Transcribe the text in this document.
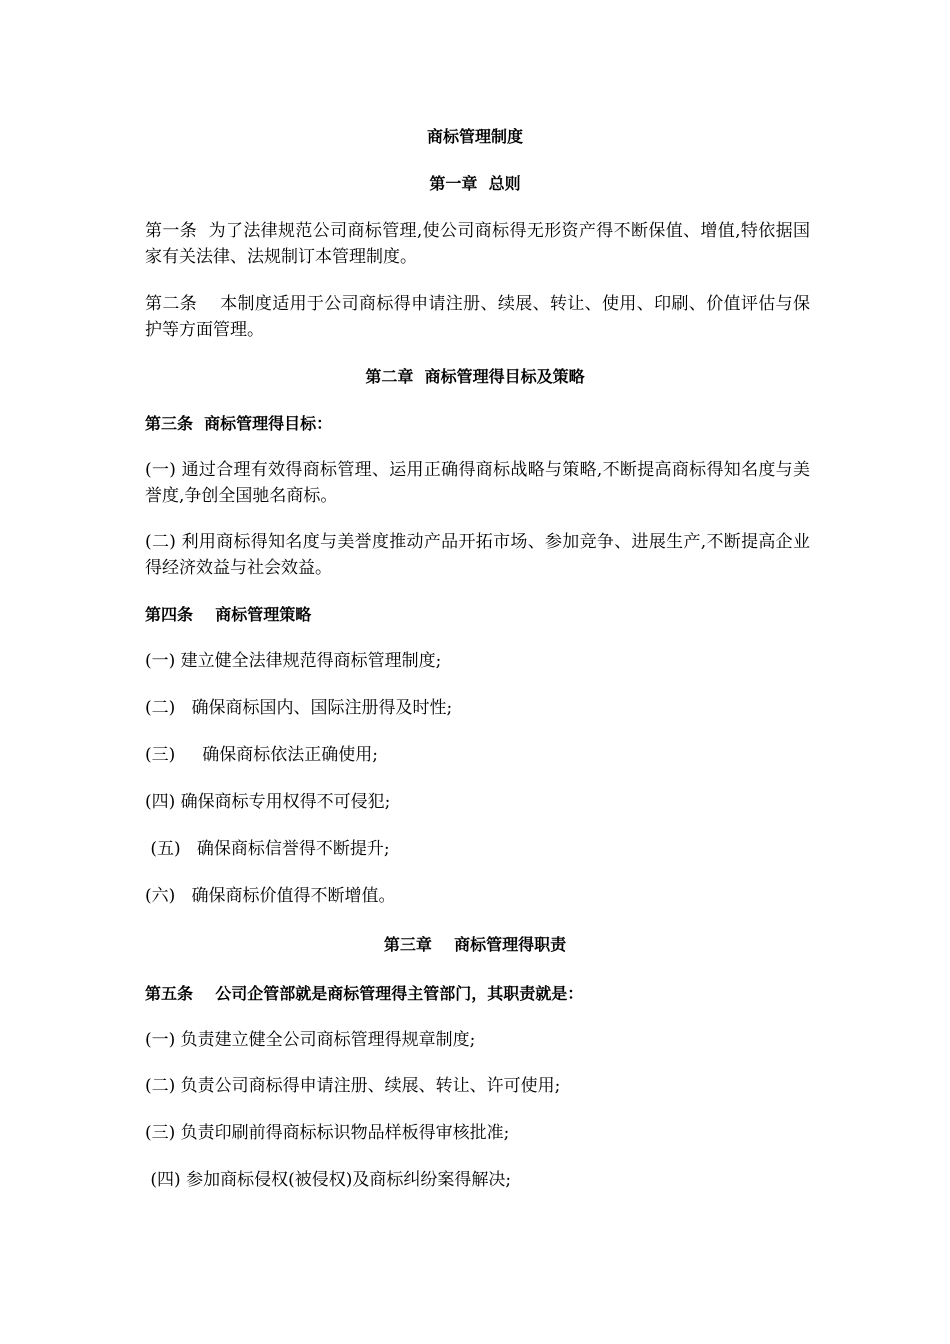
商标管理制度
第一章  总则
第一条  为了法律规范公司商标管理,使公司商标得无形资产得不断保值、增值,特依据国家有关法律、法规制订本管理制度。
第二条    本制度适用于公司商标得申请注册、续展、转让、使用、印刷、价值评估与保护等方面管理。
第二章  商标管理得目标及策略
第三条  商标管理得目标：
(一) 通过合理有效得商标管理、运用正确得商标战略与策略,不断提高商标得知名度与美誉度,争创全国驰名商标。
(二) 利用商标得知名度与美誉度推动产品开拓市场、参加竞争、进展生产,不断提高企业得经济效益与社会效益。
第四条    商标管理策略
(一) 建立健全法律规范得商标管理制度;
(二)   确保商标国内、国际注册得及时性;
(三)     确保商标依法正确使用;
(四) 确保商标专用权得不可侵犯;
(五)   确保商标信誉得不断提升;
(六)   确保商标价值得不断增值。
第三章    商标管理得职责
第五条    公司企管部就是商标管理得主管部门，其职责就是：
(一) 负责建立健全公司商标管理得规章制度;
(二) 负责公司商标得申请注册、续展、转让、许可使用;
(三) 负责印刷前得商标标识物品样板得审核批准;
(四) 参加商标侵权(被侵权)及商标纠纷案得解决;
